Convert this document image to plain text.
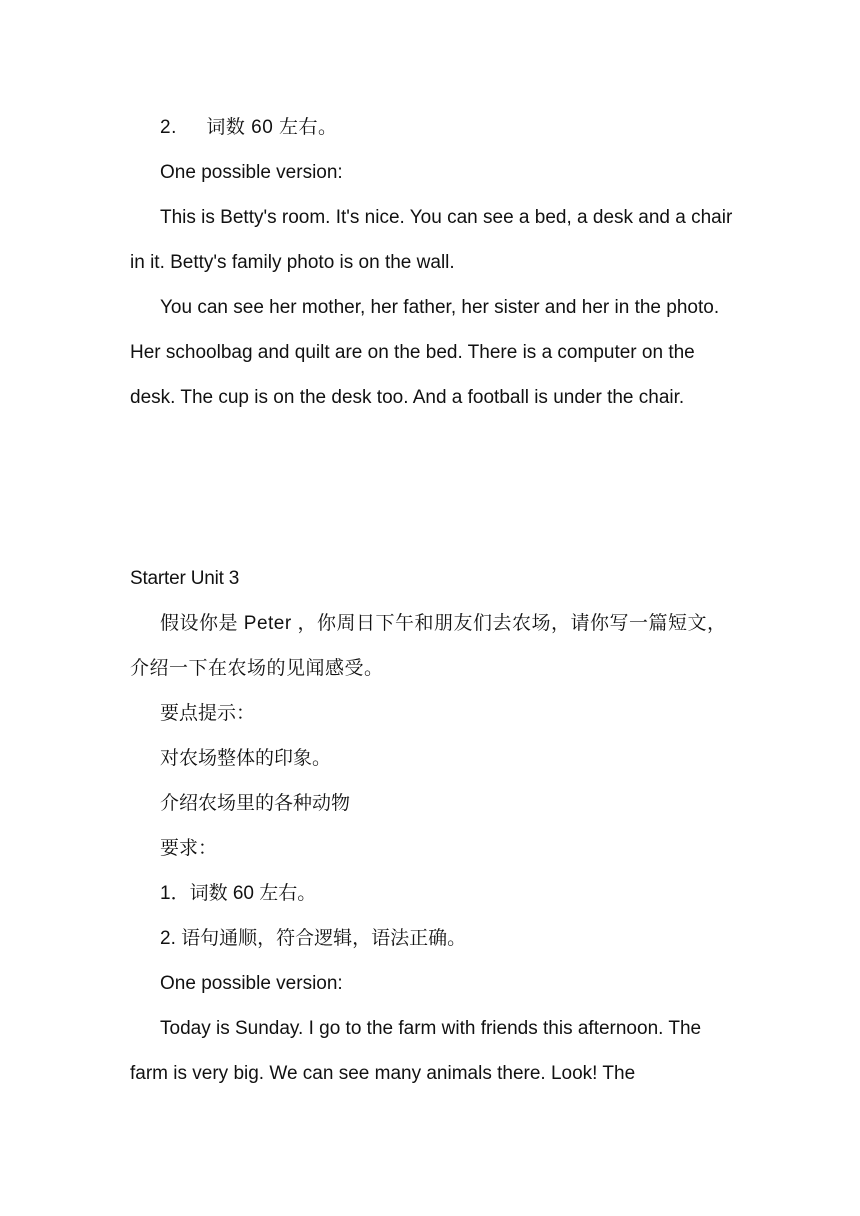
2.  词数 60 左右。

One possible version:

This is Betty's room. It's nice. You can see a bed, a desk and a chair in it. Betty's family photo is on the wall.

You can see her mother, her father, her sister and her in the photo. Her schoolbag and quilt are on the bed. There is a computer on the desk. The cup is on the desk too. And a football is under the chair.

Starter Unit 3

假设你是 Peter ，你周日下午和朋友们去农场，请你写一篇短文，介绍一下在农场的见闻感受。

要点提示：

对农场整体的印象。

介绍农场里的各种动物

要求：

1．词数 60 左右。

2. 语句通顺，符合逻辑，语法正确。

One possible version:

Today is Sunday. I go to the farm with friends this afternoon. The farm is very big. We can see many animals there. Look! The
